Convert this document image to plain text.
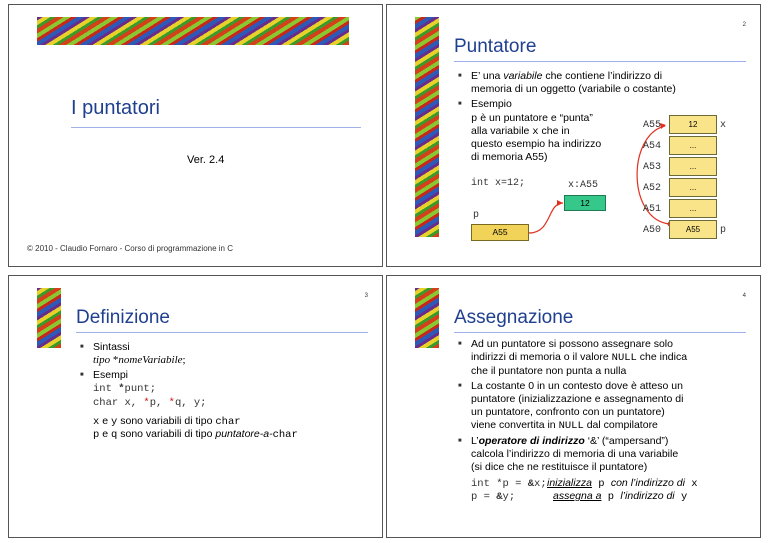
I puntatori
Ver. 2.4
© 2010 - Claudio Fornaro - Corso di programmazione in C
2
Puntatore
■ E’ una variabile che contiene l’indirizzo di
memoria di un oggetto (variabile o costante)
■ Esempio
p è un puntatore e “punta”
alla variabile x che in
questo esempio ha indirizzo
di memoria A55)
int x=12;	x:A55
12
p
A55
A55	12	x
A54	...
A53	...
A52	...
A51	...
A50	A55	p
3
Definizione
■ Sintassi
tipo *nomeVariabile;
■ Esempi
int *punt;
char x, *p, *q, y;
x e y sono variabili di tipo char
p e q sono variabili di tipo puntatore-a-char
4
Assegnazione
■ Ad un puntatore si possono assegnare solo
indirizzi di memoria o il valore NULL che indica
che il puntatore non punta a nulla
■ La costante 0 in un contesto dove è atteso un
puntatore (inizializzazione e assegnamento di
un puntatore, confronto con un puntatore)
viene convertita in NULL dal compilatore
■ L’operatore di indirizzo ‘&’ (“ampersand”)
calcola l’indirizzo di memoria di una variabile
(si dice che ne restituisce il puntatore)
int *p = &x; inizializza p con l’indirizzo di x
p = &y;	assegna a p l’indirizzo di y
